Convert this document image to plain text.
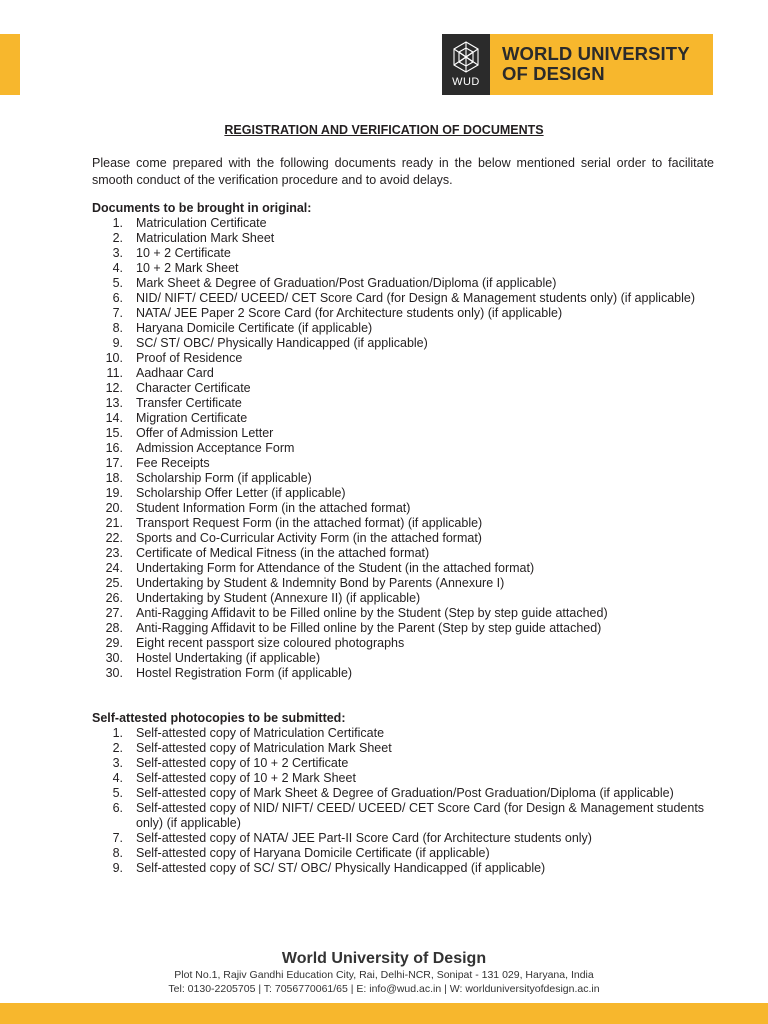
WUD
WORLD UNIVERSITY
OF DESIGN
REGISTRATION AND VERIFICATION OF DOCUMENTS
Please come prepared with the following documents ready in the below mentioned serial order to facilitate smooth conduct of the verification procedure and to avoid delays.
Documents to be brought in original:
1. Matriculation Certificate
2. Matriculation Mark Sheet
3. 10 + 2 Certificate
4. 10 + 2 Mark Sheet
5. Mark Sheet & Degree of Graduation/Post Graduation/Diploma (if applicable)
6. NID/ NIFT/ CEED/ UCEED/ CET Score Card (for Design & Management students only) (if applicable)
7. NATA/ JEE Paper 2 Score Card (for Architecture students only) (if applicable)
8. Haryana Domicile Certificate (if applicable)
9. SC/ ST/ OBC/ Physically Handicapped (if applicable)
10. Proof of Residence
11. Aadhaar Card
12. Character Certificate
13. Transfer Certificate
14. Migration Certificate
15. Offer of Admission Letter
16. Admission Acceptance Form
17. Fee Receipts
18. Scholarship Form (if applicable)
19. Scholarship Offer Letter (if applicable)
20. Student Information Form (in the attached format)
21. Transport Request Form (in the attached format) (if applicable)
22. Sports and Co-Curricular Activity Form (in the attached format)
23. Certificate of Medical Fitness (in the attached format)
24. Undertaking Form for Attendance of the Student (in the attached format)
25. Undertaking by Student & Indemnity Bond by Parents (Annexure I)
26. Undertaking by Student (Annexure II) (if applicable)
27. Anti-Ragging Affidavit to be Filled online by the Student (Step by step guide attached)
28. Anti-Ragging Affidavit to be Filled online by the Parent (Step by step guide attached)
29. Eight recent passport size coloured photographs
30. Hostel Undertaking (if applicable)
30. Hostel Registration Form (if applicable)
Self-attested photocopies to be submitted:
1. Self-attested copy of Matriculation Certificate
2. Self-attested copy of Matriculation Mark Sheet
3. Self-attested copy of 10 + 2 Certificate
4. Self-attested copy of 10 + 2 Mark Sheet
5. Self-attested copy of Mark Sheet & Degree of Graduation/Post Graduation/Diploma (if applicable)
6. Self-attested copy of NID/ NIFT/ CEED/ UCEED/ CET Score Card (for Design & Management students only) (if applicable)
7. Self-attested copy of NATA/ JEE Part-II Score Card (for Architecture students only)
8. Self-attested copy of Haryana Domicile Certificate (if applicable)
9. Self-attested copy of SC/ ST/ OBC/ Physically Handicapped (if applicable)
World University of Design
Plot No.1, Rajiv Gandhi Education City, Rai, Delhi-NCR, Sonipat - 131 029, Haryana, India
Tel: 0130-2205705 | T: 7056770061/65 | E: info@wud.ac.in | W: worlduniversityofdesign.ac.in
